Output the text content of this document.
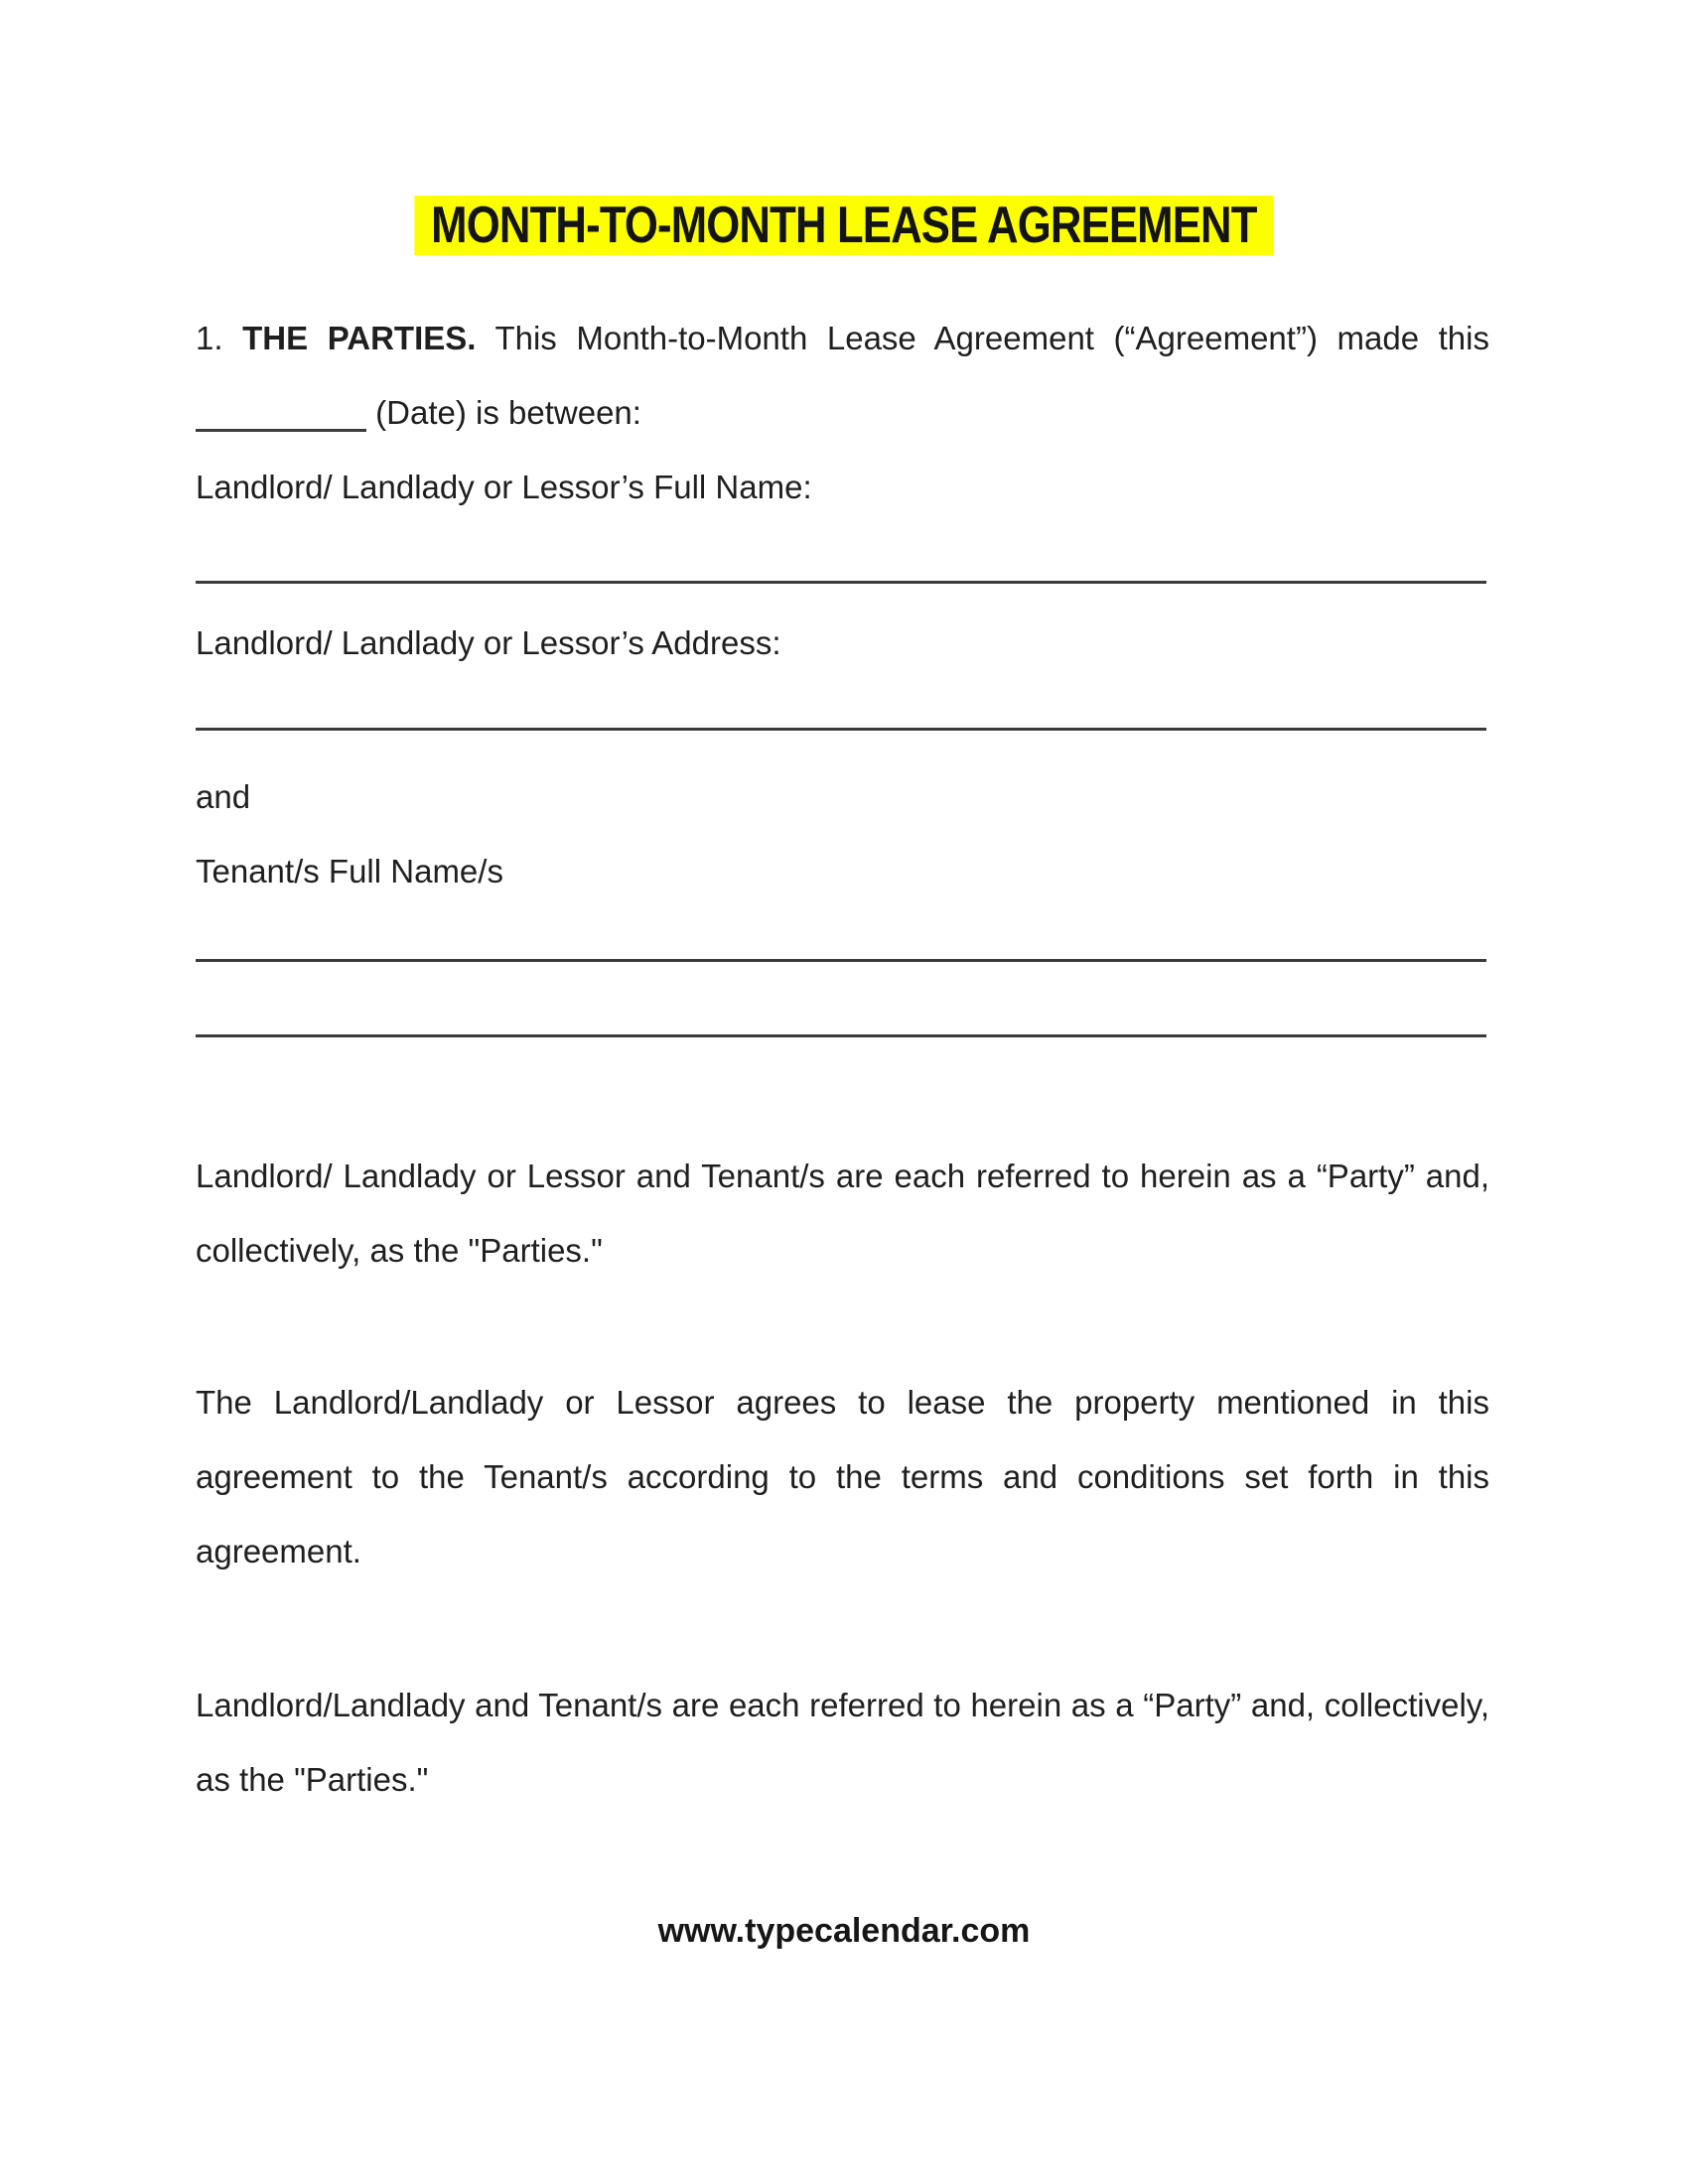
MONTH-TO-MONTH LEASE AGREEMENT

1. THE PARTIES. This Month-to-Month Lease Agreement (“Agreement”) made this  (Date) is between:

Landlord/ Landlady or Lessor’s Full Name:

Landlord/ Landlady or Lessor’s Address:

and

Tenant/s Full Name/s

Landlord/ Landlady or Lessor and Tenant/s are each referred to herein as a “Party” and, collectively, as the "Parties."

The Landlord/Landlady or Lessor agrees to lease the property mentioned in this agreement to the Tenant/s according to the terms and conditions set forth in this agreement.

Landlord/Landlady and Tenant/s are each referred to herein as a “Party” and, collectively, as the "Parties."

www.typecalendar.com
